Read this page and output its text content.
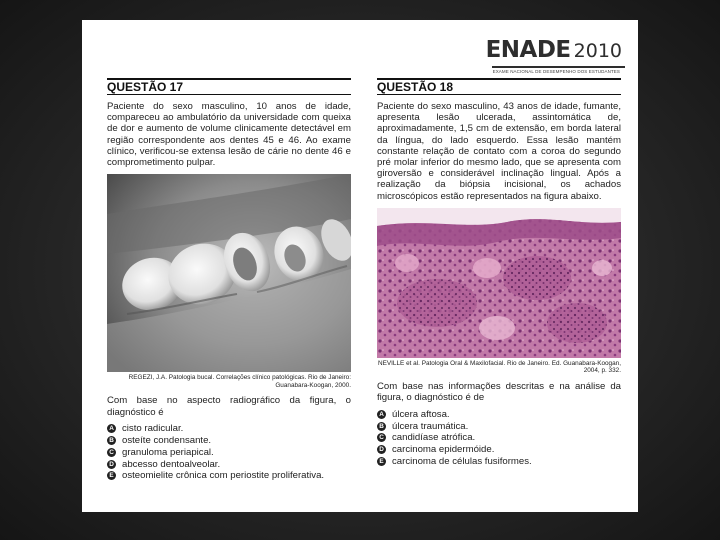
ENADE 2010
EXAME NACIONAL DE DESEMPENHO DOS ESTUDANTES
QUESTÃO 17
Paciente do sexo masculino, 10 anos de idade, compareceu ao ambulatório da universidade com queixa de dor e aumento de volume clinicamente detectável em região correspondente aos dentes 45 e 46. Ao exame clínico, verificou-se extensa lesão de cárie no dente 46 e comprometimento pulpar.
REGEZI, J.A. Patologia bucal. Correlações clínico patológicas. Rio de Janeiro: Guanabara-Koogan, 2000.
Com base no aspecto radiográfico da figura, o diagnóstico é
A cisto radicular.
B osteíte condensante.
C granuloma periapical.
D abcesso dentoalveolar.
E osteomielite crônica com periostite proliferativa.
QUESTÃO 18
Paciente do sexo masculino, 43 anos de idade, fumante, apresenta lesão ulcerada, assintomática de, aproximadamente, 1,5 cm de extensão, em borda lateral da língua, do lado esquerdo. Essa lesão mantém constante relação de contato com a coroa do segundo pré molar inferior do mesmo lado, que se apresenta com giroversão e considerável inclinação lingual. Após a realização da biópsia incisional, os achados microscópicos estão representados na figura abaixo.
NEVILLE et al. Patologia Oral & Maxilofacial. Rio de Janeiro. Ed. Guanabara-Koogan, 2004, p. 332.
Com base nas informações descritas e na análise da figura, o diagnóstico é de
A úlcera aftosa.
B úlcera traumática.
C candidíase atrófica.
D carcinoma epidermóide.
E carcinoma de células fusiformes.
